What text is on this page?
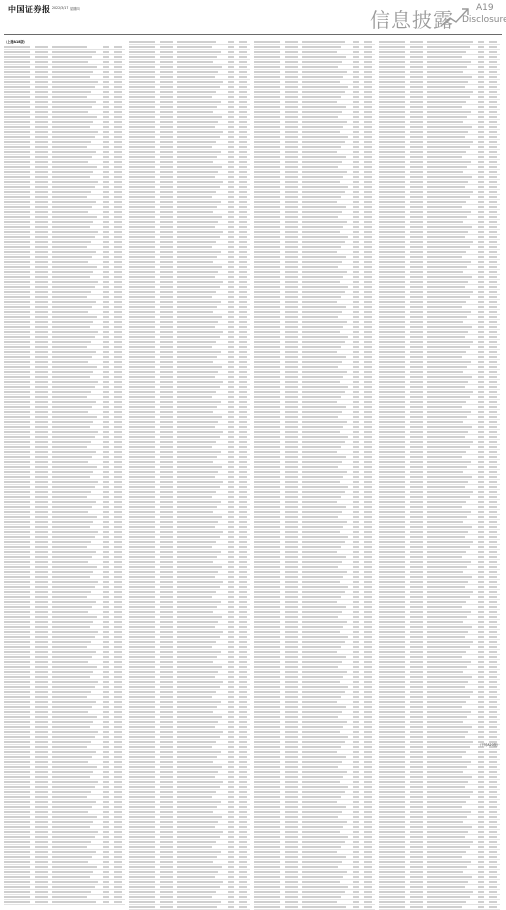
中国证券报 2022/3/17 星期四	信息披露 A19
Disclosure
（上接A18版）
（下转A20版）
